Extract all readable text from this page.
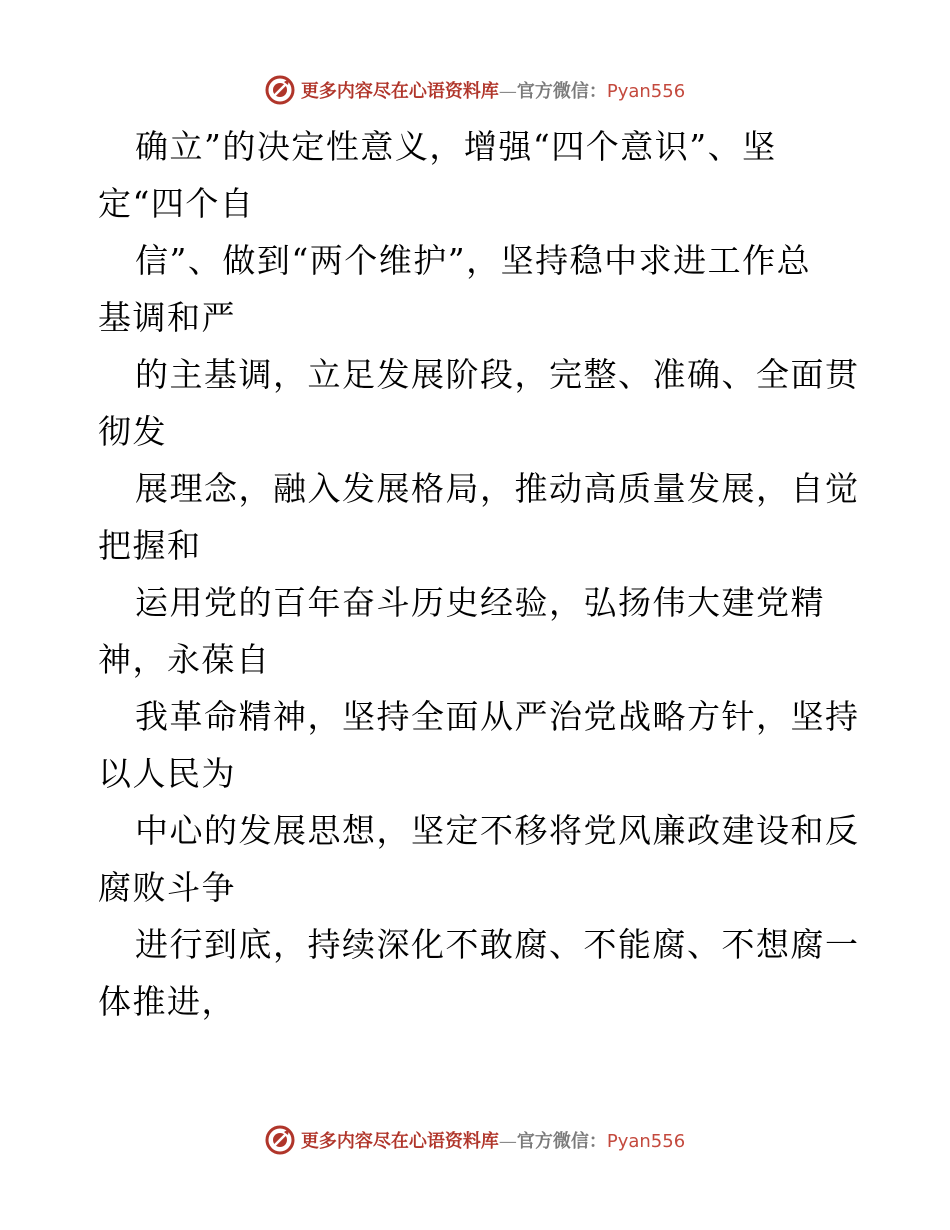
更多内容尽在心语资料库—官方微信：Pyan556
确立”的决定性意义，增强“四个意识”、坚
定“四个自
信”、做到“两个维护”，坚持稳中求进工作总
基调和严
的主基调，立足发展阶段，完整、准确、全面贯
彻发
展理念，融入发展格局，推动高质量发展，自觉
把握和
运用党的百年奋斗历史经验，弘扬伟大建党精
神，永葆自
我革命精神，坚持全面从严治党战略方针，坚持
以人民为
中心的发展思想，坚定不移将党风廉政建设和反
腐败斗争
进行到底，持续深化不敢腐、不能腐、不想腐一
体推进，
更多内容尽在心语资料库—官方微信：Pyan556
